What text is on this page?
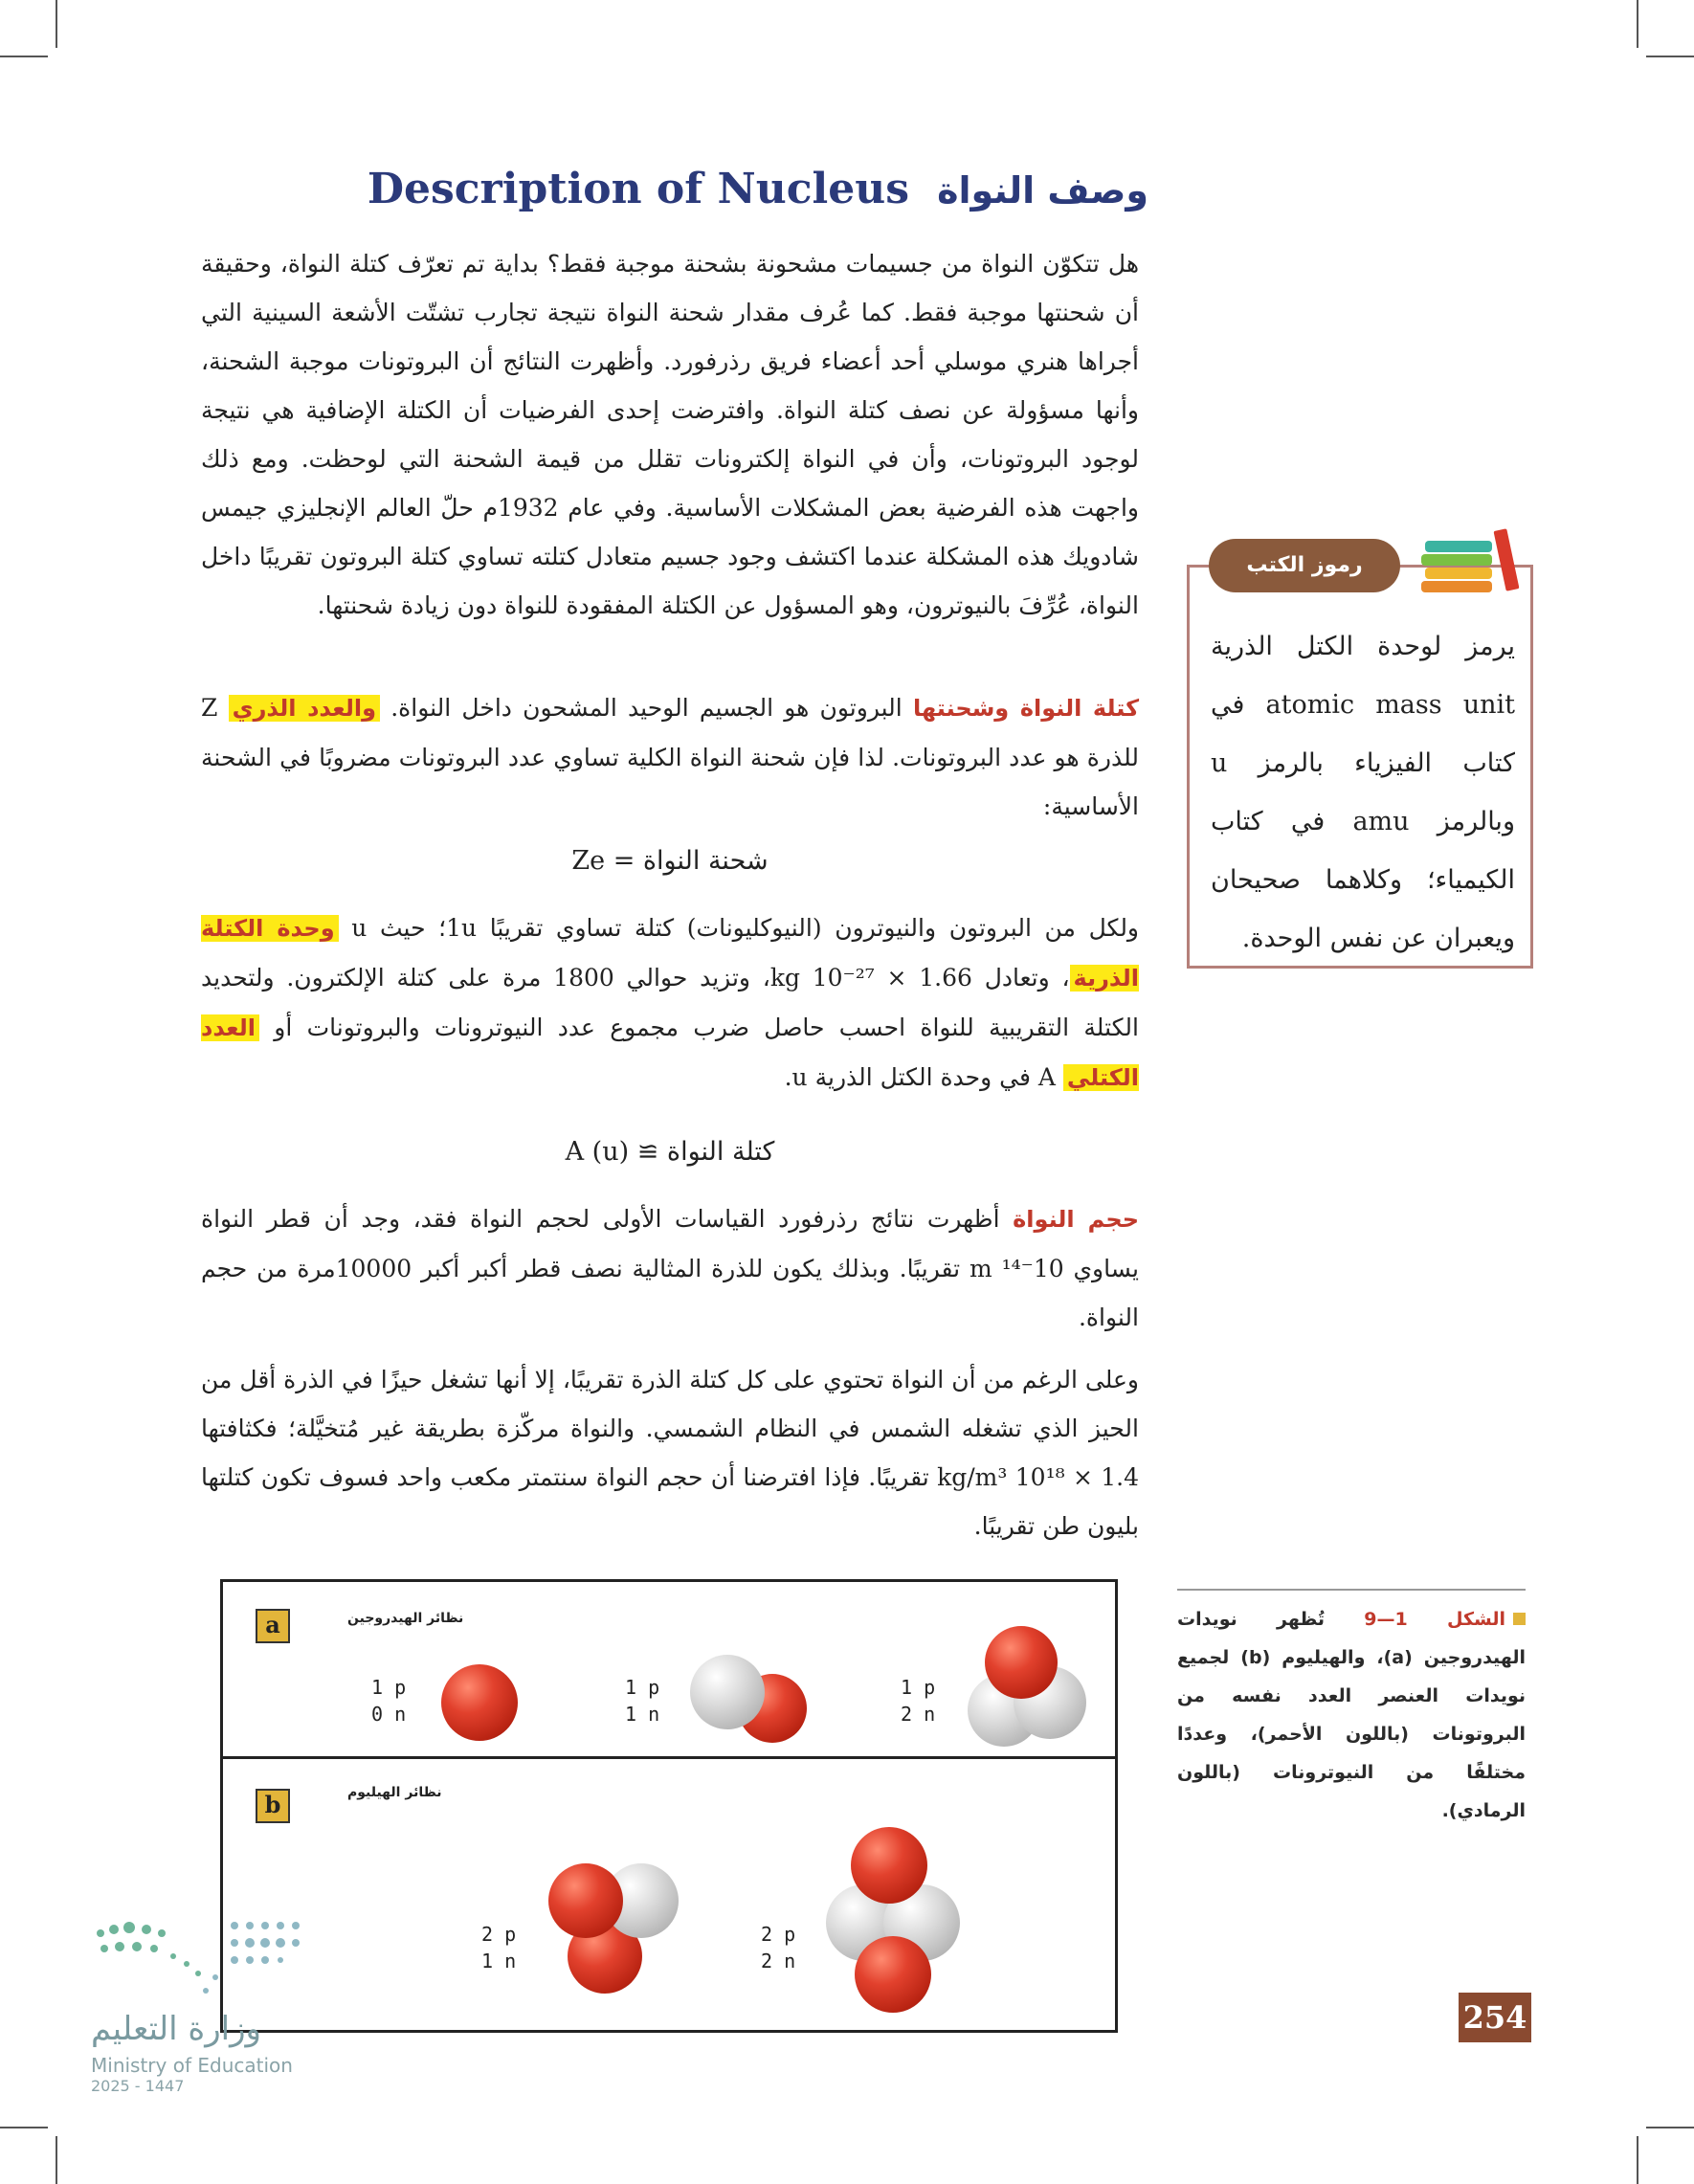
وصف النواة Description of Nucleus

هل تتكوّن النواة من جسيمات مشحونة بشحنة موجبة فقط؟ بداية تم تعرّف كتلة النواة، وحقيقة أن شحنتها موجبة فقط. كما عُرف مقدار شحنة النواة نتيجة تجارب تشتّت الأشعة السينية التي أجراها هنري موسلي أحد أعضاء فريق رذرفورد. وأظهرت النتائج أن البروتونات موجبة الشحنة، وأنها مسؤولة عن نصف كتلة النواة. وافترضت إحدى الفرضيات أن الكتلة الإضافية هي نتيجة لوجود البروتونات، وأن في النواة إلكترونات تقلل من قيمة الشحنة التي لوحظت. ومع ذلك واجهت هذه الفرضية بعض المشكلات الأساسية. وفي عام 1932م حلّ العالم الإنجليزي جيمس شادويك هذه المشكلة عندما اكتشف وجود جسيم متعادل كتلته تساوي كتلة البروتون تقريبًا داخل النواة، عُرِّفَ بالنيوترون، وهو المسؤول عن الكتلة المفقودة للنواة دون زيادة شحنتها.

كتلة النواة وشحنتها البروتون هو الجسيم الوحيد المشحون داخل النواة. والعدد الذري Z للذرة هو عدد البروتونات. لذا فإن شحنة النواة الكلية تساوي عدد البروتونات مضروبًا في الشحنة الأساسية:

شحنة النواة = Ze

ولكل من البروتون والنيوترون (النيوكليونات) كتلة تساوي تقريبًا 1u؛ حيث u وحدة الكتلة الذرية، وتعادل kg 10⁻²⁷ × 1.66، وتزيد حوالي 1800 مرة على كتلة الإلكترون. ولتحديد الكتلة التقريبية للنواة احسب حاصل ضرب مجموع عدد النيوترونات والبروتونات أو العدد الكتلي A في وحدة الكتل الذرية u.

كتلة النواة ≅ A (u)

حجم النواة أظهرت نتائج رذرفورد القياسات الأولى لحجم النواة فقد، وجد أن قطر النواة يساوي 10⁻¹⁴ m تقريبًا. وبذلك يكون للذرة المثالية نصف قطر أكبر أكبر 10000مرة من حجم النواة.

وعلى الرغم من أن النواة تحتوي على كل كتلة الذرة تقريبًا، إلا أنها تشغل حيزًا في الذرة أقل من الحيز الذي تشغله الشمس في النظام الشمسي. والنواة مركّزة بطريقة غير مُتخيَّلة؛ فكثافتها 1.4 × 10¹⁸ kg/m³ تقريبًا. فإذا افترضنا أن حجم النواة سنتمتر مكعب واحد فسوف تكون كتلتها بليون طن تقريبًا.

رموز الكتب

يرمز لوحدة الكتل الذرية atomic mass unit في كتاب الفيزياء بالرمز u وبالرمز amu في كتاب الكيمياء؛ وكلاهما صحيحان ويعبران عن نفس الوحدة.

a	نظائر الهيدروجين
1 p
0 n
1 p
1 n
1 p
2 n
b	نظائر الهيليوم
2 p
1 n
2 p
2 n

الشكل 1—9 تُظهر نويدات الهيدروجين (a)، والهيليوم (b) لجميع نويدات العنصر العدد نفسه من البروتونات (باللون الأحمر)، وعددًا مختلفًا من النيوترونات (باللون الرمادي).

254
وزارة التعليم
Ministry of Education
2025 - 1447
